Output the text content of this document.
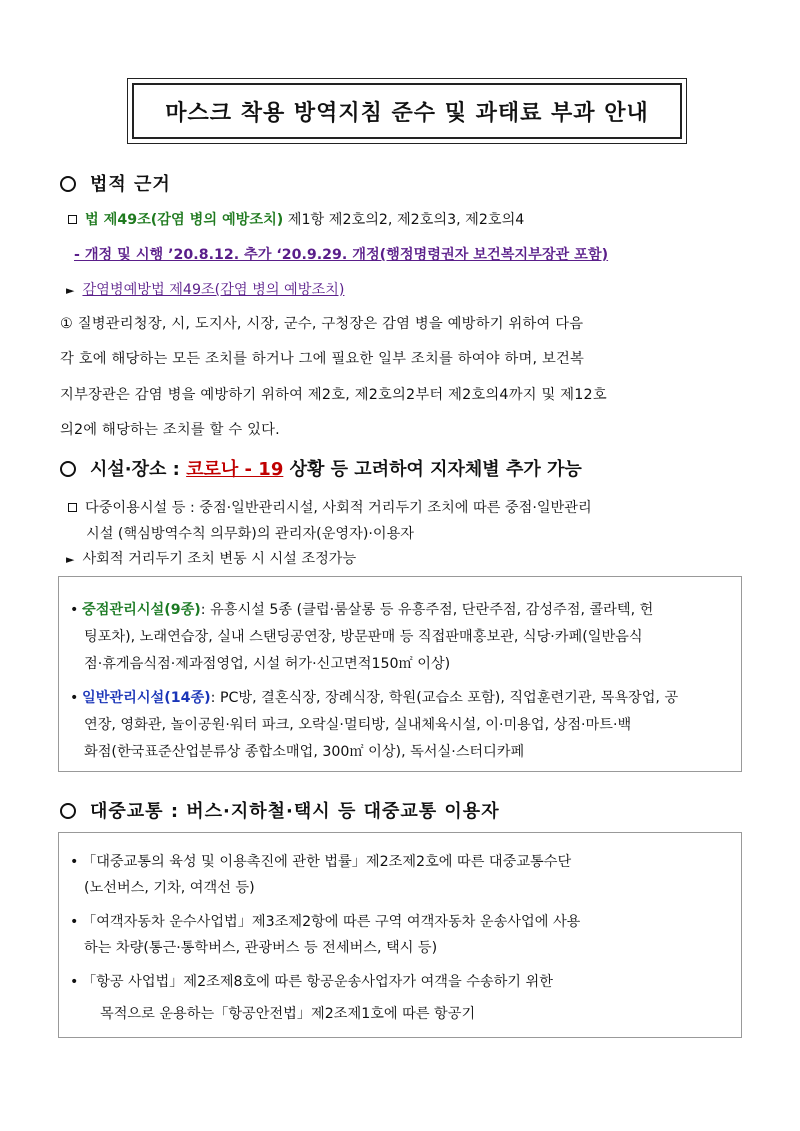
마스크 착용 방역지침 준수 및 과태료 부과 안내
법적 근거
법 제49조(감염 병의 예방조치) 제1항 제2호의2, 제2호의3, 제2호의4
- 개정 및 시행 ’20.8.12. 추가 ‘20.9.29. 개정(행정명령권자 보건복지부장관 포함)
► 감염병예방법 제49조(감염 병의 예방조치)
① 질병관리청장, 시, 도지사, 시장, 군수, 구청장은 감염 병을 예방하기 위하여 다음
각 호에 해당하는 모든 조치를 하거나 그에 필요한 일부 조치를 하여야 하며, 보건복
지부장관은 감염 병을 예방하기 위하여 제2호, 제2호의2부터 제2호의4까지 및 제12호
의2에 해당하는 조치를 할 수 있다.
시설·장소 : 코로나 - 19 상황 등 고려하여 지자체별 추가 가능
다중이용시설 등 : 중점·일반관리시설, 사회적 거리두기 조치에 따른 중점·일반관리
시설 (핵심방역수칙 의무화)의 관리자(운영자)·이용자
► 사회적 거리두기 조치 변동 시 시설 조정가능
• 중점관리시설(9종): 유흥시설 5종 (클럽·룸살롱 등 유흥주점, 단란주점, 감성주점, 콜라텍, 헌
팅포차), 노래연습장, 실내 스탠딩공연장, 방문판매 등 직접판매홍보관, 식당·카페(일반음식
점·휴게음식점·제과점영업, 시설 허가·신고면적150㎡ 이상)
• 일반관리시설(14종): PC방, 결혼식장, 장례식장, 학원(교습소 포함), 직업훈련기관, 목욕장업, 공
연장, 영화관, 놀이공원·워터 파크, 오락실·멀티방, 실내체육시설, 이·미용업, 상점·마트·백
화점(한국표준산업분류상 종합소매업, 300㎡ 이상), 독서실·스터디카페
대중교통 : 버스·지하철·택시 등 대중교통 이용자
• 「대중교통의 육성 및 이용촉진에 관한 법률」제2조제2호에 따른 대중교통수단
(노선버스, 기차, 여객선 등)
• 「여객자동차 운수사업법」제3조제2항에 따른 구역 여객자동차 운송사업에 사용
하는 차량(통근·통학버스, 관광버스 등 전세버스, 택시 등)
• 「항공 사업법」제2조제8호에 따른 항공운송사업자가 여객을 수송하기 위한
목적으로 운용하는「항공안전법」제2조제1호에 따른 항공기
